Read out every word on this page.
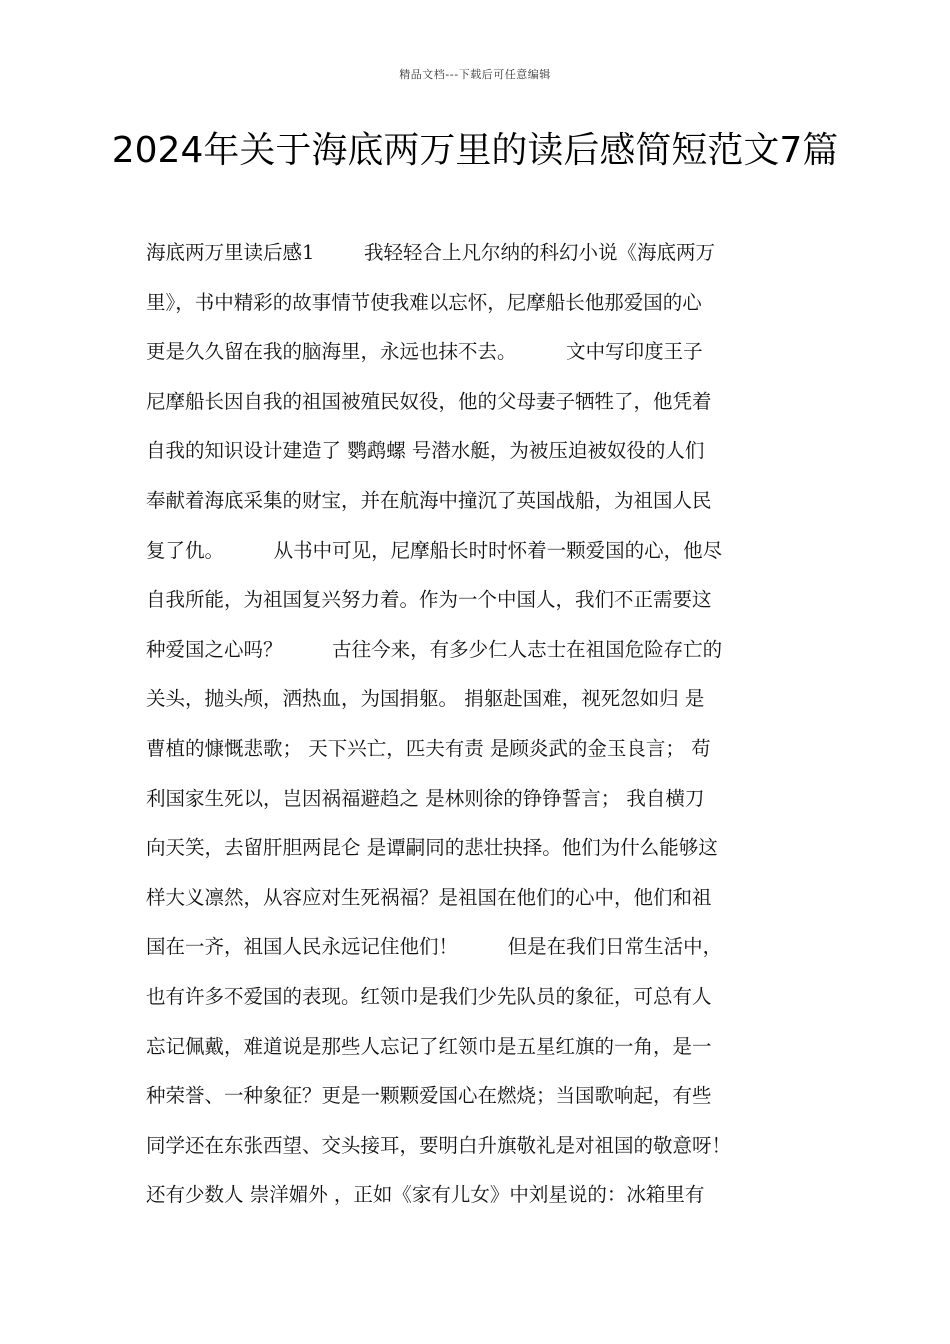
精品文档---下载后可任意编辑
2024年关于海底两万里的读后感简短范文7篇
海底两万里读后感1        我轻轻合上凡尔纳的科幻小说《海底两万
里》，书中精彩的故事情节使我难以忘怀，尼摩船长他那爱国的心
更是久久留在我的脑海里，永远也抹不去。        文中写印度王子
尼摩船长因自我的祖国被殖民奴役，他的父母妻子牺牲了，他凭着
自我的知识设计建造了 鹦鹉螺 号潜水艇，为被压迫被奴役的人们
奉献着海底采集的财宝，并在航海中撞沉了英国战船，为祖国人民
复了仇。        从书中可见，尼摩船长时时怀着一颗爱国的心，他尽
自我所能，为祖国复兴努力着。作为一个中国人，我们不正需要这
种爱国之心吗？        古往今来，有多少仁人志士在祖国危险存亡的
关头，抛头颅，洒热血，为国捐躯。 捐躯赴国难，视死忽如归 是
曹植的慷慨悲歌； 天下兴亡，匹夫有责 是顾炎武的金玉良言； 苟
利国家生死以，岂因祸福避趋之 是林则徐的铮铮誓言； 我自横刀
向天笑，去留肝胆两昆仑 是谭嗣同的悲壮抉择。他们为什么能够这
样大义凛然，从容应对生死祸福？是祖国在他们的心中，他们和祖
国在一齐，祖国人民永远记住他们！        但是在我们日常生活中，
也有许多不爱国的表现。红领巾是我们少先队员的象征，可总有人
忘记佩戴，难道说是那些人忘记了红领巾是五星红旗的一角，是一
种荣誉、一种象征？更是一颗颗爱国心在燃烧；当国歌响起，有些
同学还在东张西望、交头接耳，要明白升旗敬礼是对祖国的敬意呀！
还有少数人 崇洋媚外 ，正如《家有儿女》中刘星说的：冰箱里有
